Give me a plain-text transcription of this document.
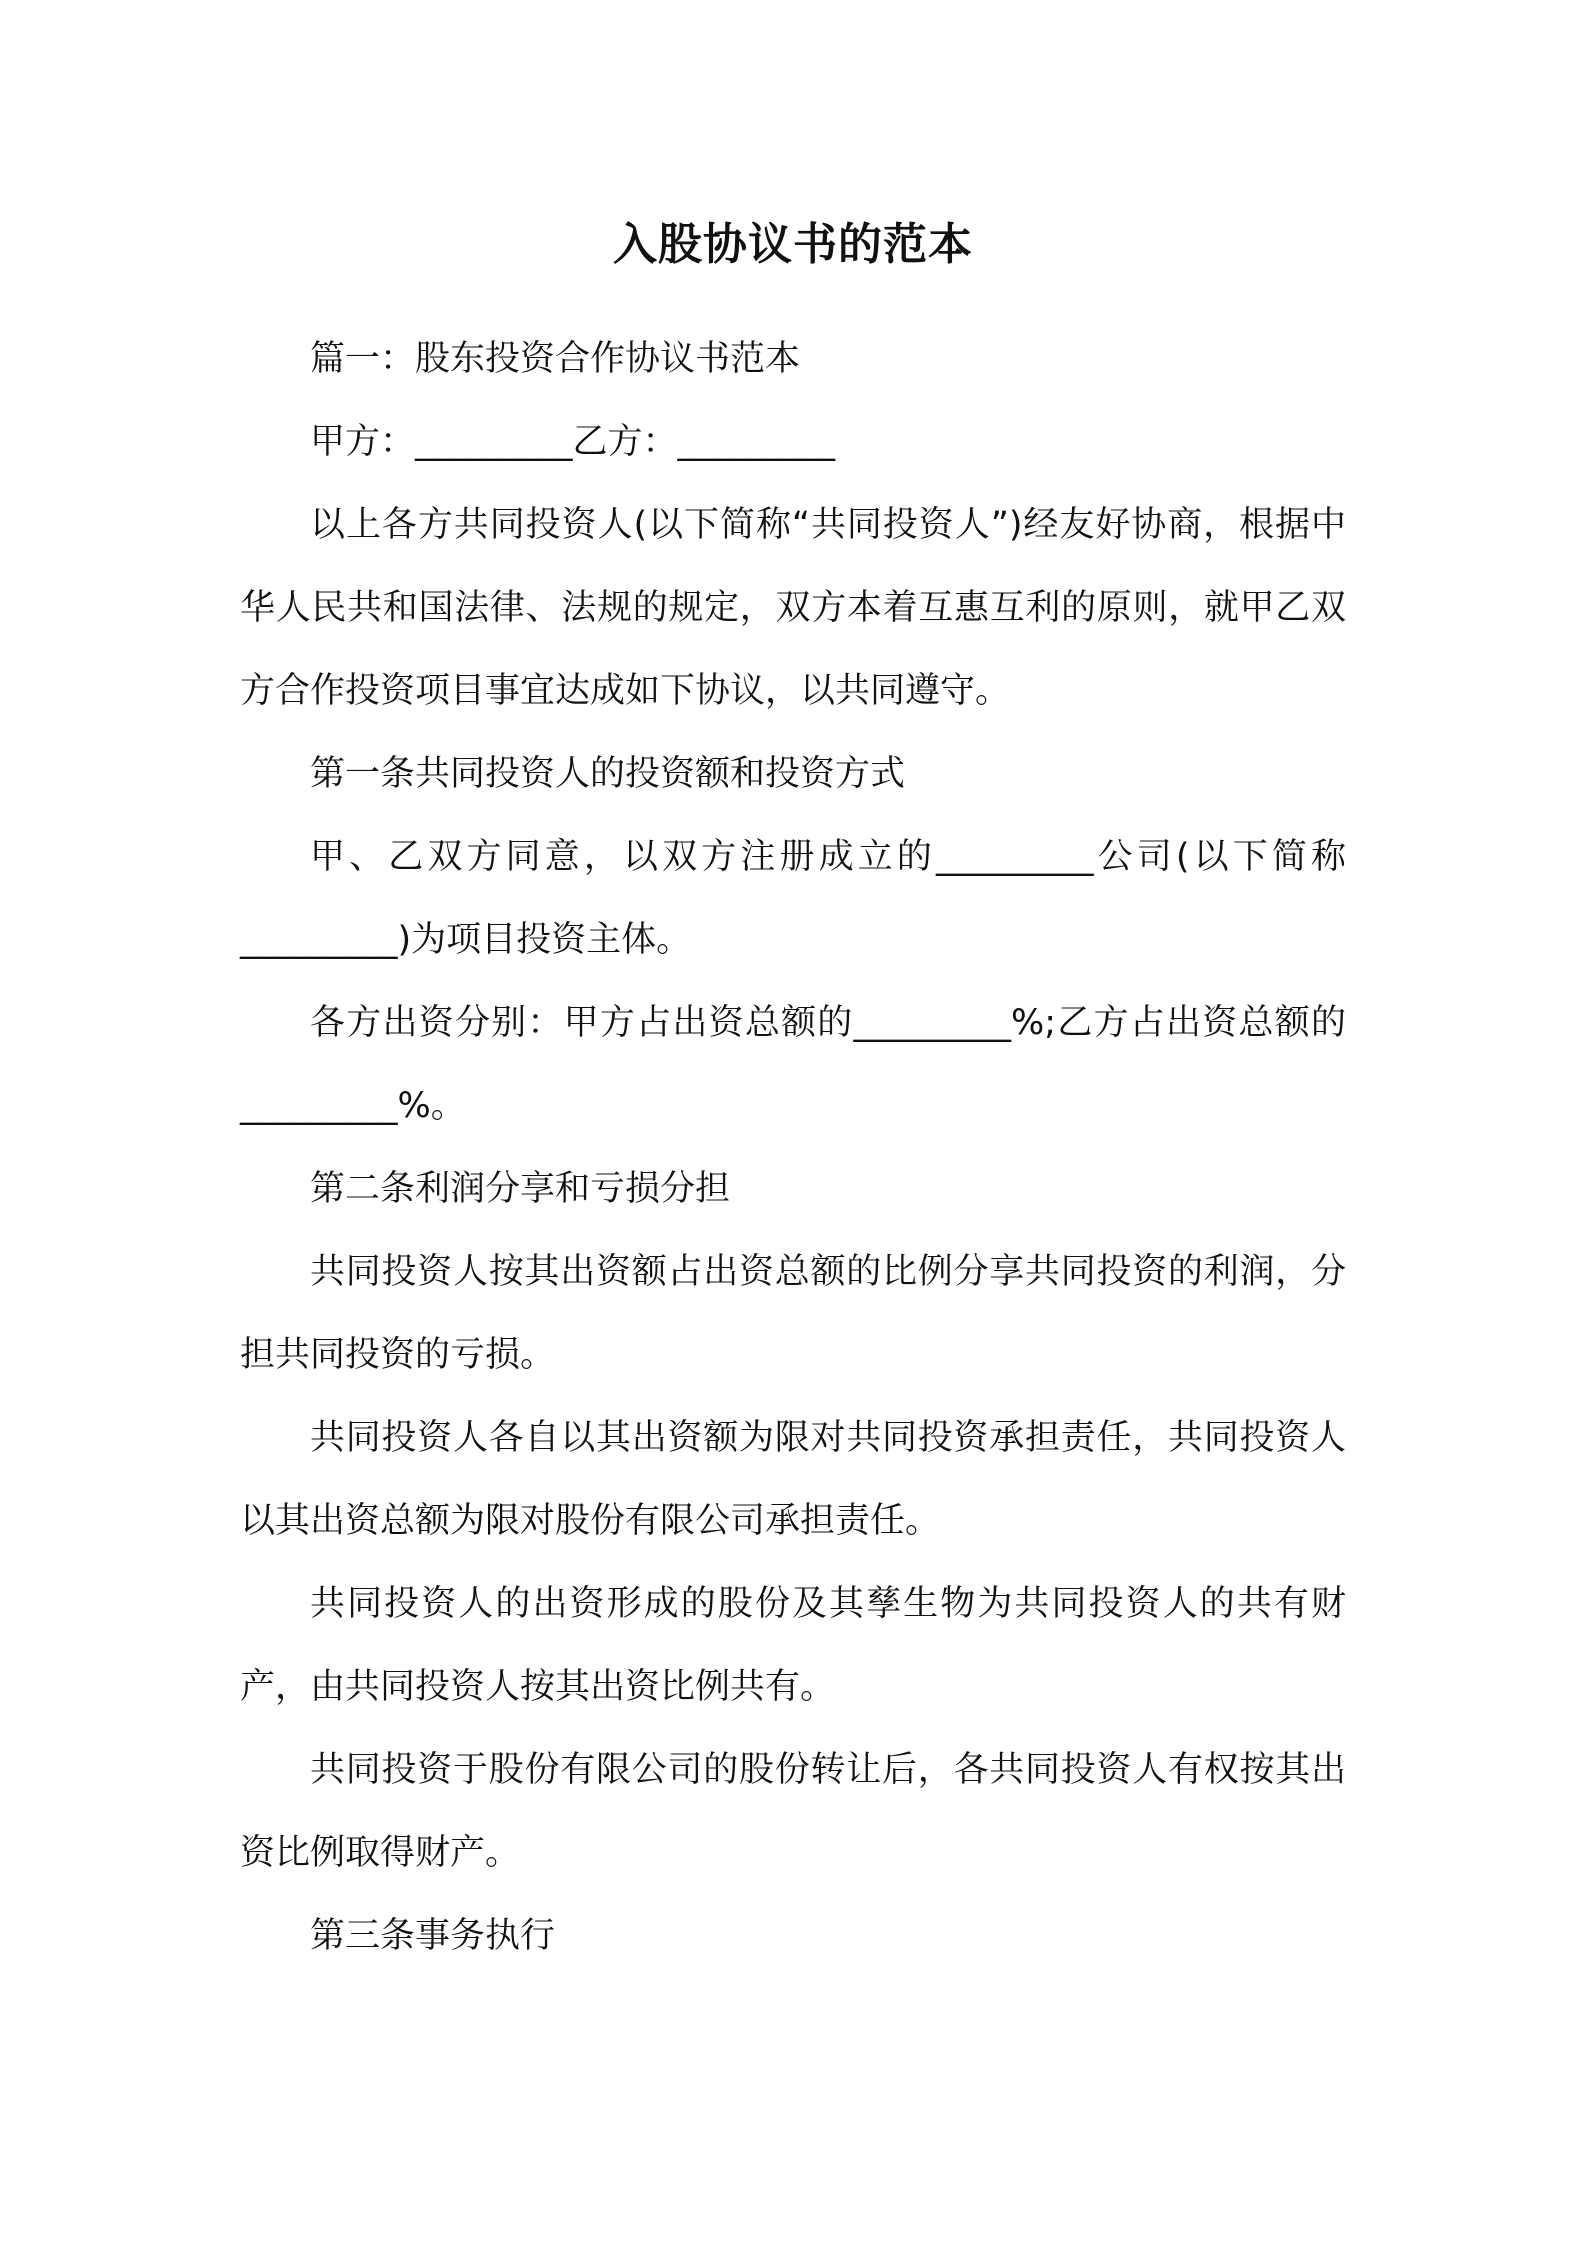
入股协议书的范本

篇一：股东投资合作协议书范本

甲方：_________乙方：_________

以上各方共同投资人(以下简称“共同投资人”)经友好协商，根据中华人民共和国法律、法规的规定，双方本着互惠互利的原则，就甲乙双方合作投资项目事宜达成如下协议，以共同遵守。

第一条共同投资人的投资额和投资方式

甲、乙双方同意，以双方注册成立的_________公司(以下简称_________)为项目投资主体。

各方出资分别：甲方占出资总额的_________%;乙方占出资总额的_________%。

第二条利润分享和亏损分担

共同投资人按其出资额占出资总额的比例分享共同投资的利润，分担共同投资的亏损。

共同投资人各自以其出资额为限对共同投资承担责任，共同投资人以其出资总额为限对股份有限公司承担责任。

共同投资人的出资形成的股份及其孳生物为共同投资人的共有财产，由共同投资人按其出资比例共有。

共同投资于股份有限公司的股份转让后，各共同投资人有权按其出资比例取得财产。

第三条事务执行
